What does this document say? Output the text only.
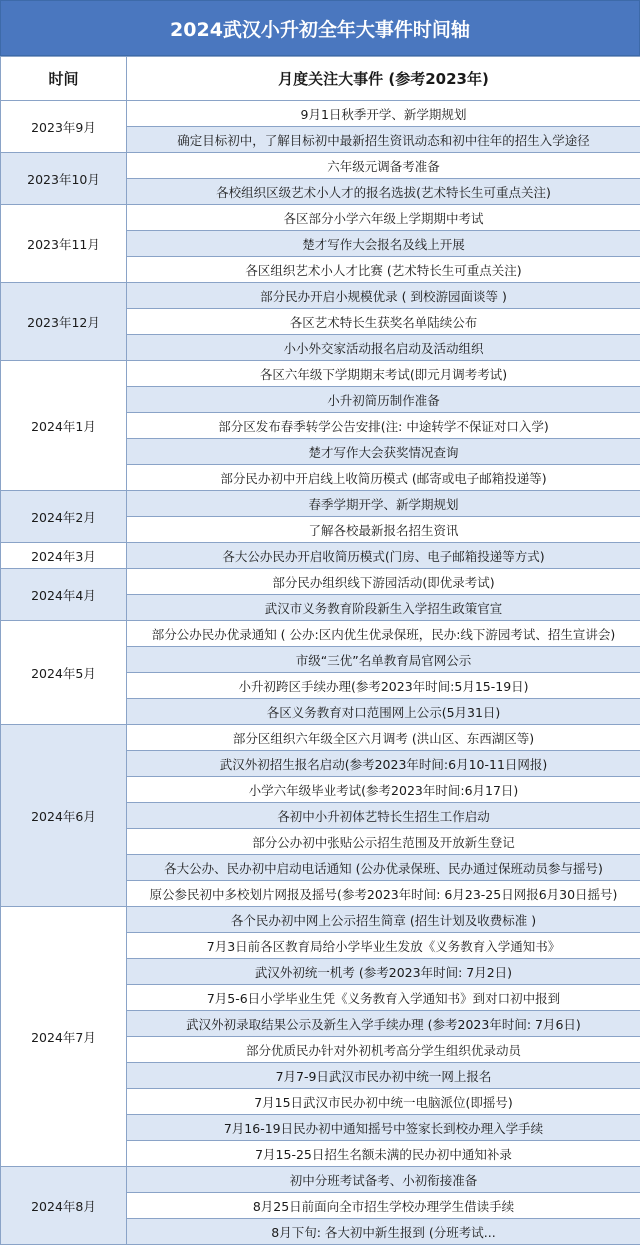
2024武汉小升初全年大事件时间轴
时间	月度关注大事件 (参考2023年)
2023年9月	9月1日秋季开学、新学期规划
	确定目标初中，了解目标初中最新招生资讯动态和初中往年的招生入学途径
2023年10月	六年级元调备考准备
	各校组织区级艺术小人才的报名选拔(艺术特长生可重点关注)
2023年11月	各区部分小学六年级上学期期中考试
	楚才写作大会报名及线上开展
	各区组织艺术小人才比赛 (艺术特长生可重点关注)
2023年12月	部分民办开启小规模优录 ( 到校游园面谈等 )
	各区艺术特长生获奖名单陆续公布
	小小外交家活动报名启动及活动组织
2024年1月	各区六年级下学期期末考试(即元月调考考试)
	小升初简历制作准备
	部分区发布春季转学公告安排(注: 中途转学不保证对口入学)
	楚才写作大会获奖情况查询
	部分民办初中开启线上收简历模式 (邮寄或电子邮箱投递等)
2024年2月	春季学期开学、新学期规划
	了解各校最新报名招生资讯
2024年3月	各大公办民办开启收简历模式(门房、电子邮箱投递等方式)
2024年4月	部分民办组织线下游园活动(即优录考试)
	武汉市义务教育阶段新生入学招生政策官宣
2024年5月	部分公办民办优录通知 ( 公办:区内优生优录保班，民办:线下游园考试、招生宣讲会)
	市级“三优”名单教育局官网公示
	小升初跨区手续办理(参考2023年时间:5月15-19日)
	各区义务教育对口范围网上公示(5月31日)
2024年6月	部分区组织六年级全区六月调考 (洪山区、东西湖区等)
	武汉外初招生报名启动(参考2023年时间:6月10-11日网报)
	小学六年级毕业考试(参考2023年时间:6月17日)
	各初中小升初体艺特长生招生工作启动
	部分公办初中张贴公示招生范围及开放新生登记
	各大公办、民办初中启动电话通知 (公办优录保班、民办通过保班动员参与摇号)
	原公参民初中多校划片网报及摇号(参考2023年时间: 6月23-25日网报6月30日摇号)
2024年7月	各个民办初中网上公示招生简章 (招生计划及收费标准 )
	7月3日前各区教育局给小学毕业生发放《义务教育入学通知书》
	武汉外初统一机考 (参考2023年时间: 7月2日)
	7月5-6日小学毕业生凭《义务教育入学通知书》到对口初中报到
	武汉外初录取结果公示及新生入学手续办理 (参考2023年时间: 7月6日)
	部分优质民办针对外初机考高分学生组织优录动员
	7月7-9日武汉市民办初中统一网上报名
	7月15日武汉市民办初中统一电脑派位(即摇号)
	7月16-19日民办初中通知摇号中签家长到校办理入学手续
	7月15-25日招生名额未满的民办初中通知补录
2024年8月	初中分班考试备考、小初衔接准备
	8月25日前面向全市招生学校办理学生借读手续
	8月下旬: 各大初中新生报到 (分班考试...
